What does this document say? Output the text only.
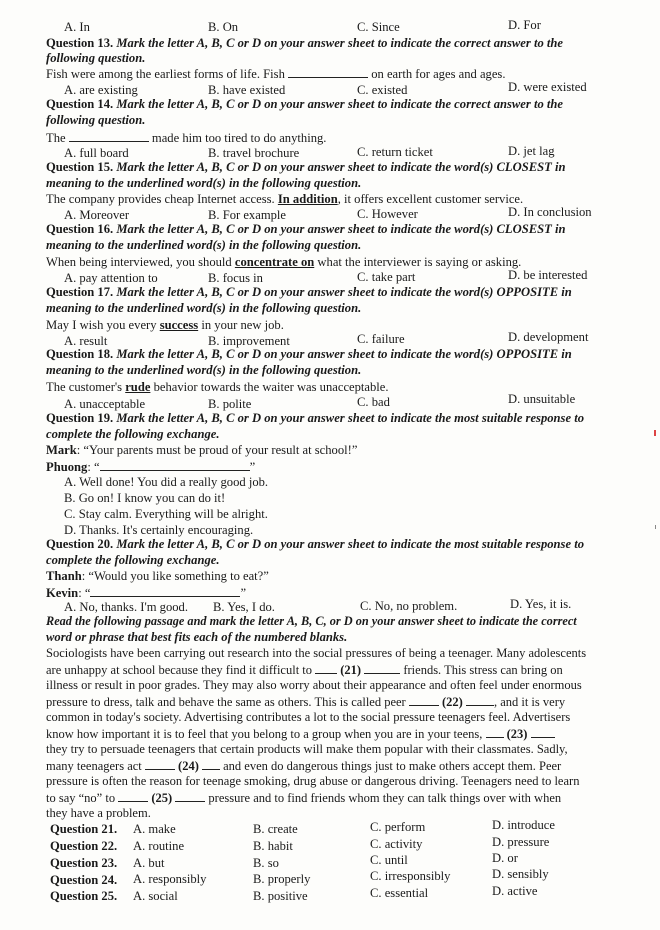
A. In	B. On	C. Since	D. For
Question 13. Mark the letter A, B, C or D on your answer sheet to indicate the correct answer to the
following question.
Fish were among the earliest forms of life. Fish	on earth for ages and ages.
A. are existing	B. have existed	C. existed	D. were existed
Question 14. Mark the letter A, B, C or D on your answer sheet to indicate the correct answer to the
following question.
The	made him too tired to do anything.
A. full board	B. travel brochure	C. return ticket	D. jet lag
Question 15. Mark the letter A, B, C or D on your answer sheet to indicate the word(s) CLOSEST in
meaning to the underlined word(s) in the following question.
The company provides cheap Internet access. In addition, it offers excellent customer service.
A. Moreover	B. For example	C. However	D. In conclusion
Question 16. Mark the letter A, B, C or D on your answer sheet to indicate the word(s) CLOSEST in
meaning to the underlined word(s) in the following question.
When being interviewed, you should concentrate on what the interviewer is saying or asking.
A. pay attention to	B. focus in	C. take part	D. be interested
Question 17. Mark the letter A, B, C or D on your answer sheet to indicate the word(s) OPPOSITE in
meaning to the underlined word(s) in the following question.
May I wish you every success in your new job.
A. result	B. improvement	C. failure	D. development
Question 18. Mark the letter A, B, C or D on your answer sheet to indicate the word(s) OPPOSITE in
meaning to the underlined word(s) in the following question.
The customer's rude behavior towards the waiter was unacceptable.
A. unacceptable	B. polite	C. bad	D. unsuitable
Question 19. Mark the letter A, B, C or D on your answer sheet to indicate the most suitable response to
complete the following exchange.
Mark: “Your parents must be proud of your result at school!”
Phuong: “	”
A. Well done! You did a really good job.
B. Go on! I know you can do it!
C. Stay calm. Everything will be alright.
D. Thanks. It's certainly encouraging.
Question 20. Mark the letter A, B, C or D on your answer sheet to indicate the most suitable response to
complete the following exchange.
Thanh: “Would you like something to eat?”
Kevin: “	”
A. No, thanks. I'm good. B. Yes, I do.	C. No, no problem.	D. Yes, it is.
Read the following passage and mark the letter A, B, C, or D on your answer sheet to indicate the correct
word or phrase that best fits each of the numbered blanks.
Sociologists have been carrying out research into the social pressures of being a teenager. Many adolescents
are unhappy at school because they find it difficult to (21)	friends. This stress can bring on
illness or result in poor grades. They may also worry about their appearance and often feel under enormous
pressure to dress, talk and behave the same as others. This is called peer	(22) , and it is very
common in today's society. Advertising contributes a lot to the social pressure teenagers feel. Advertisers
know how important it is to feel that you belong to a group when you are in your teens, (23)
they try to persuade teenagers that certain products will make them popular with their classmates. Sadly,
many teenagers act	(24) and even do dangerous things just to make others accept them. Peer
pressure is often the reason for teenage smoking, drug abuse or dangerous driving. Teenagers need to learn
to say “no” to	(25)	pressure and to find friends whom they can talk things over with when
they have a problem.
Question 21. A. make	B. create	C. perform	D. introduce
Question 22. A. routine	B. habit	C. activity	D. pressure
Question 23. A. but	B. so	C. until	D. or
Question 24. A. responsibly	B. properly	C. irresponsibly	D. sensibly
Question 25. A. social	B. positive	C. essential	D. active
